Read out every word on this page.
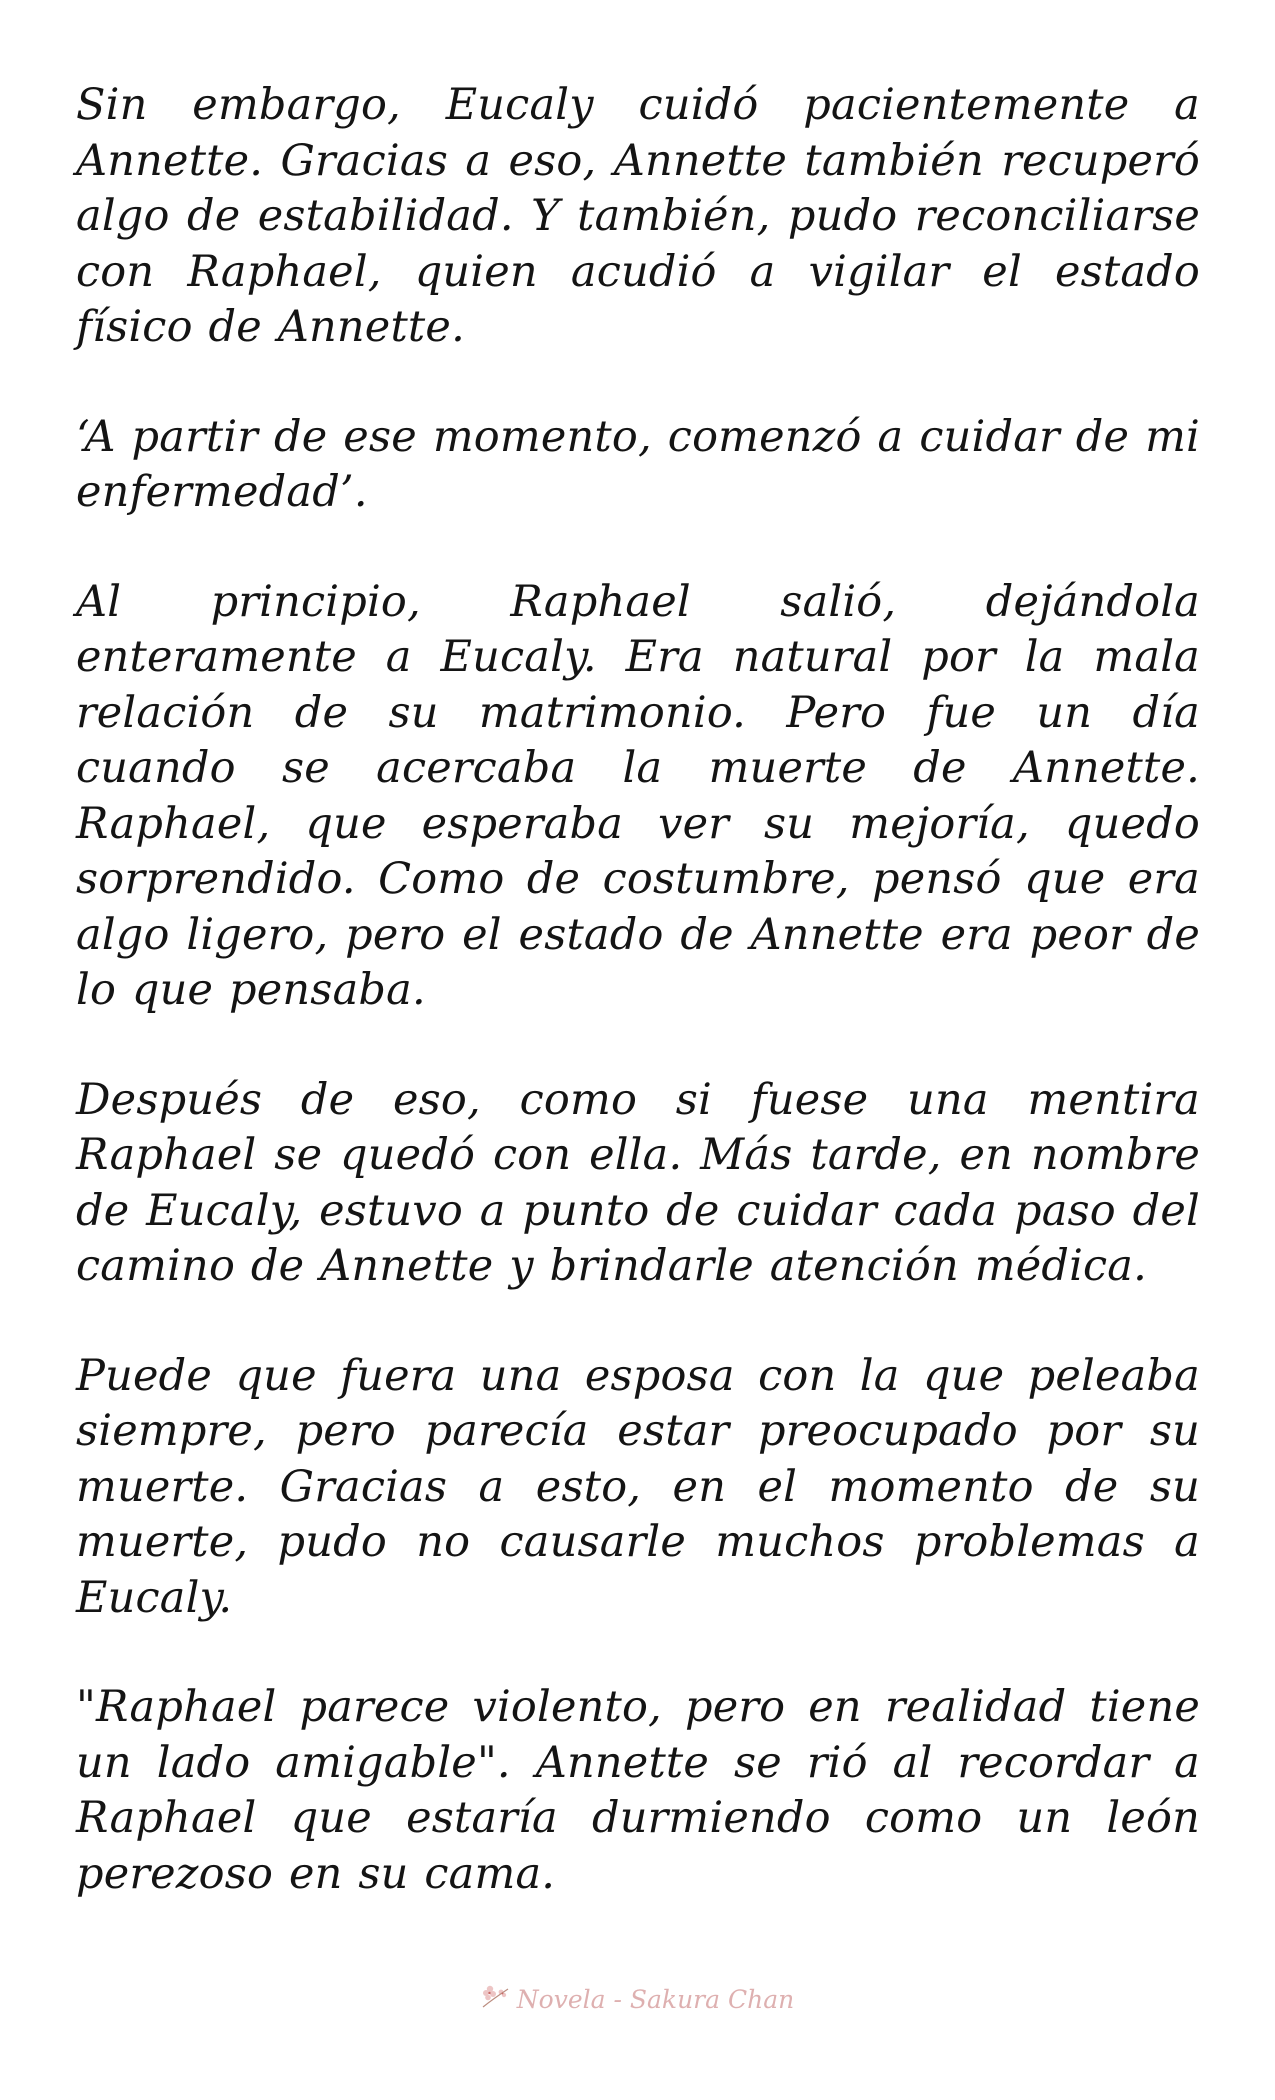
Sin embargo, Eucaly cuidó pacientemente a Annette. Gracias a eso, Annette también recuperó algo de estabilidad. Y también, pudo reconciliarse con Raphael, quien acudió a vigilar el estado físico de Annette.

‘A partir de ese momento, comenzó a cuidar de mi enfermedad’.

Al principio, Raphael salió, dejándola enteramente a Eucaly. Era natural por la mala relación de su matrimonio. Pero fue un día cuando se acercaba la muerte de Annette. Raphael, que esperaba ver su mejoría, quedo sorprendido. Como de costumbre, pensó que era algo ligero, pero el estado de Annette era peor de lo que pensaba.

Después de eso, como si fuese una mentira Raphael se quedó con ella. Más tarde, en nombre de Eucaly, estuvo a punto de cuidar cada paso del camino de Annette y brindarle atención médica.

Puede que fuera una esposa con la que peleaba siempre, pero parecía estar preocupado por su muerte. Gracias a esto, en el momento de su muerte, pudo no causarle muchos problemas a Eucaly.

"Raphael parece violento, pero en realidad tiene un lado amigable". Annette se rió al recordar a Raphael que estaría durmiendo como un león perezoso en su cama.

Novela - Sakura Chan
